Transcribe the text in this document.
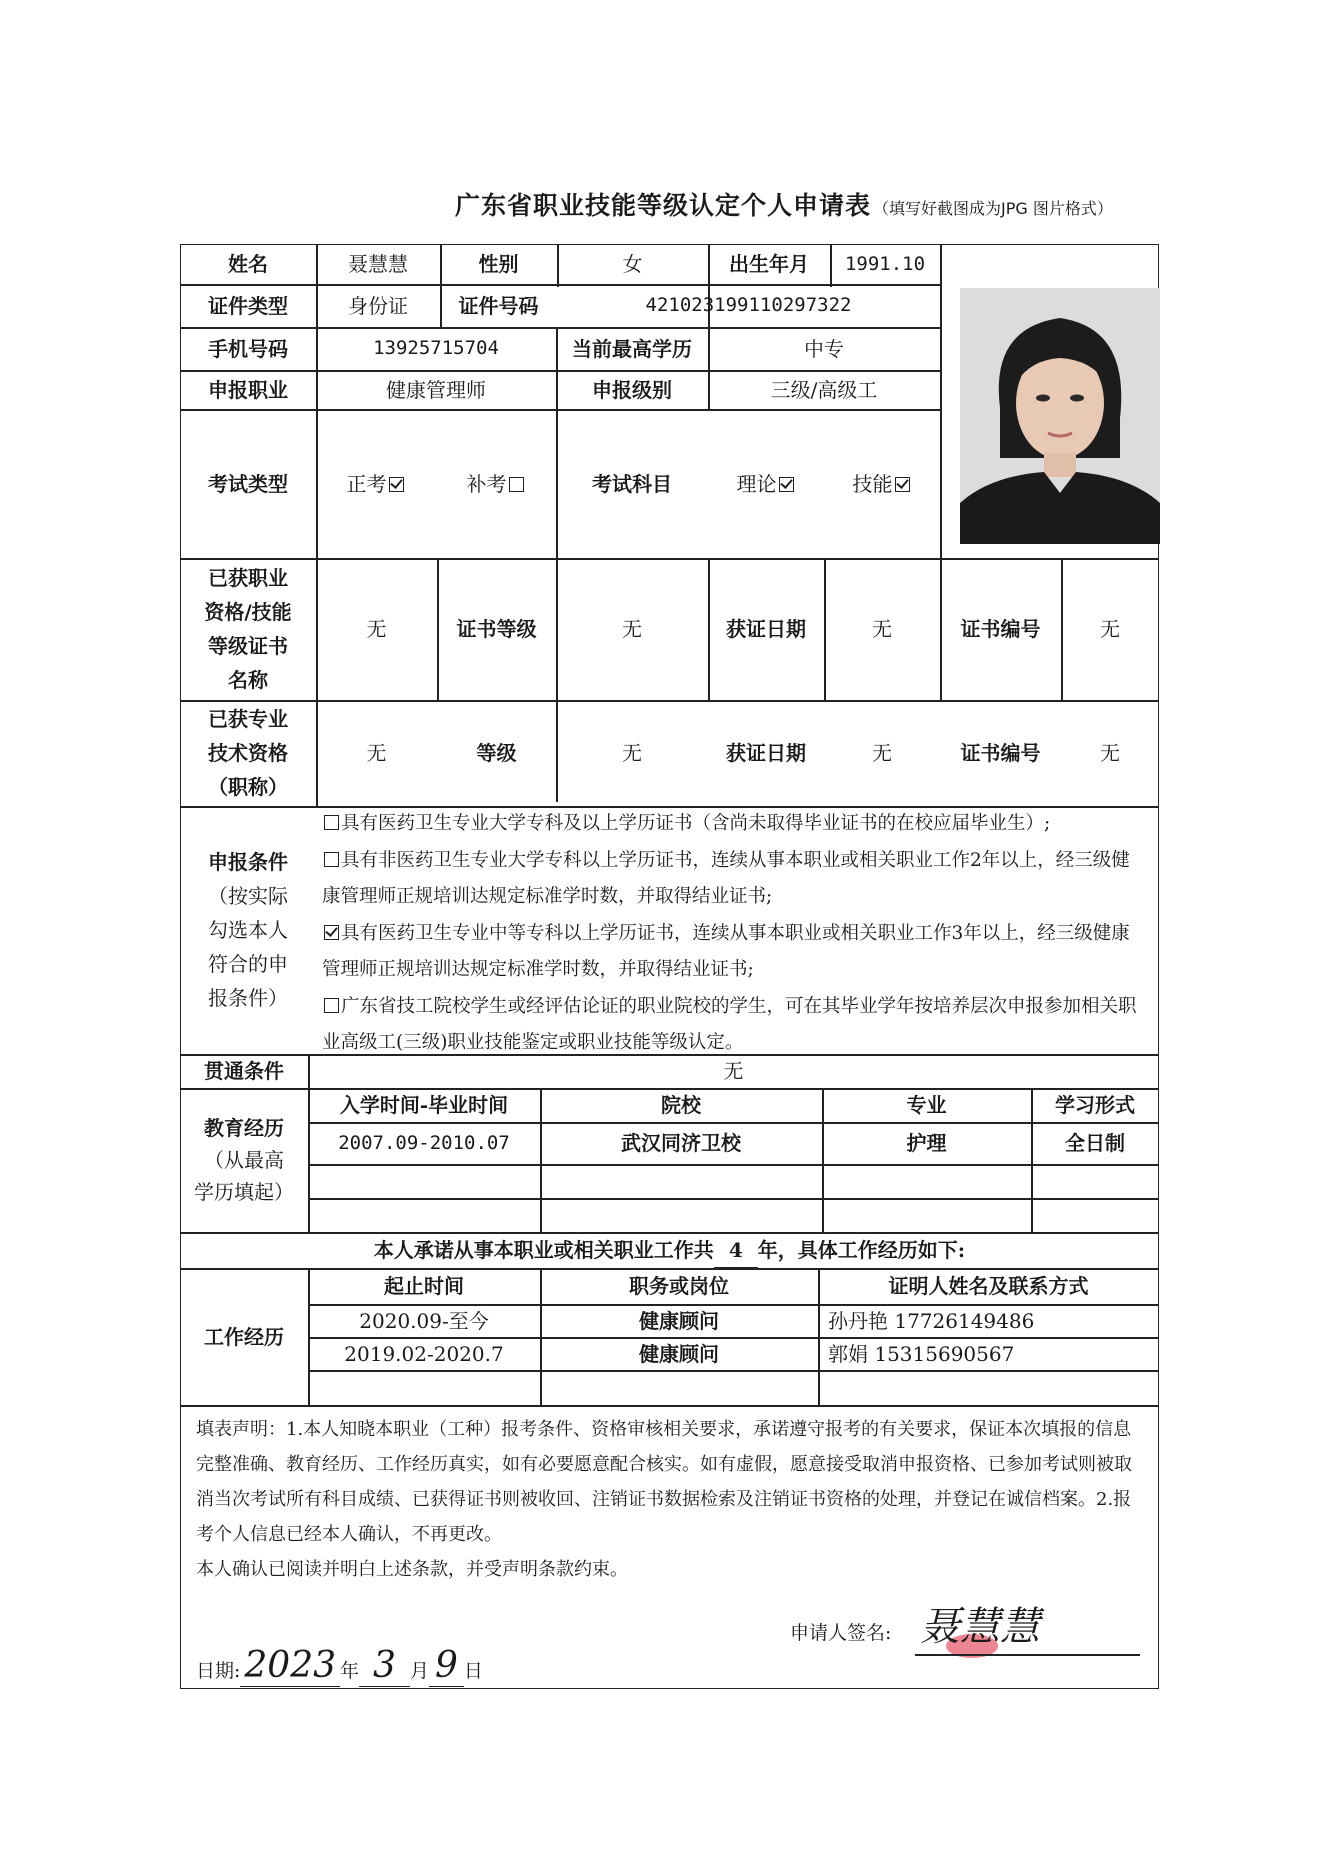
广东省职业技能等级认定个人申请表 （填写好截图成为JPG 图片格式）
姓名	聂慧慧	性别	女	出生年月	1991.10
证件类型	身份证	证件号码	421023199110297322
手机号码	13925715704	当前最高学历	中专
申报职业	健康管理师	申报级别	三级/高级工
考试类型	正考	补考	考试科目	理论	技能
已获职业
资格/技能
等级证书
名称
无	证书等级	无	获证日期	无	证书编号	无
已获专业
技术资格
（职称）
无	等级	无	获证日期	无	证书编号	无
申报条件
（按实际
勾选本人
符合的申
报条件）

具有医药卫生专业大学专科及以上学历证书（含尚未取得毕业证书的在校应届毕业生）;

具有非医药卫生专业大学专科以上学历证书，连续从事本职业或相关职业工作2年以上，经三级健康管理师正规培训达规定标准学时数，并取得结业证书;

具有医药卫生专业中等专科以上学历证书，连续从事本职业或相关职业工作3年以上，经三级健康管理师正规培训达规定标准学时数，并取得结业证书;

广东省技工院校学生或经评估论证的职业院校的学生，可在其毕业学年按培养层次申报参加相关职业高级工(三级)职业技能鉴定或职业技能等级认定。

贯通条件	无
教育经历
（从最高
学历填起）
入学时间-毕业时间	院校	专业	学习形式
2007.09-2010.07	武汉同济卫校	护理	全日制
本人承诺从事本职业或相关职业工作共 4 年，具体工作经历如下:
工作经历
起止时间	职务或岗位	证明人姓名及联系方式
2020.09-至今	健康顾问	孙丹艳 17726149486
2019.02-2020.7	健康顾问	郭娟 15315690567

填表声明：1.本人知晓本职业（工种）报考条件、资格审核相关要求，承诺遵守报考的有关要求，保证本次填报的信息完整准确、教育经历、工作经历真实，如有必要愿意配合核实。如有虚假，愿意接受取消申报资格、已参加考试则被取消当次考试所有科目成绩、已获得证书则被收回、注销证书数据检索及注销证书资格的处理，并登记在诚信档案。2.报考个人信息已经本人确认，不再更改。

本人确认已阅读并明白上述条款，并受声明条款约束。

申请人签名: 聂慧慧
日期: 2023 年 3 月 9 日
